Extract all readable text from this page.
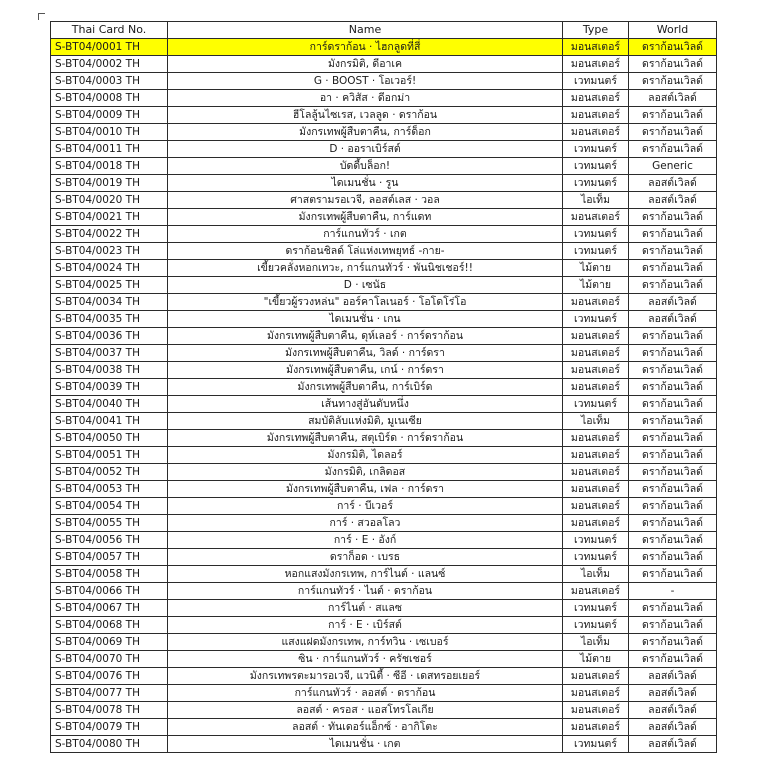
Thai Card No.	Name	Type	World
S-BT04/0001 TH	การ์ดราก้อน · ไฮกลูดที่สี่	มอนสเตอร์	ดราก้อนเวิลด์
S-BT04/0002 TH	มังกรมิติ, ดีอาเค	มอนสเตอร์	ดราก้อนเวิลด์
S-BT04/0003 TH	G · BOOST · โอเวอร์!	เวทมนตร์	ดราก้อนเวิลด์
S-BT04/0008 TH	อา · ควิสัส · ดีอกม่า	มอนสเตอร์	ลอสต์เวิลด์
S-BT04/0009 TH	ฮีโลลู้นไซเรส, เวลลูด · ดราก้อน	มอนสเตอร์	ดราก้อนเวิลด์
S-BT04/0010 TH	มังกรเทพผู้สืบตาคืน, การ์ด็อก	มอนสเตอร์	ดราก้อนเวิลด์
S-BT04/0011 TH	D · ออราเบิร์สต์	เวทมนตร์	ดราก้อนเวิลด์
S-BT04/0018 TH	บัดดี้บล็อก!	เวทมนตร์	Generic
S-BT04/0019 TH	ไดเมนชั่น · รูน	เวทมนตร์	ลอสต์เวิลด์
S-BT04/0020 TH	ศาสตรามรอเวจี, ลอสต์เลส · วอล	ไอเท็ม	ลอสต์เวิลด์
S-BT04/0021 TH	มังกรเทพผู้สืบตาคืน, การ์แดท	มอนสเตอร์	ดราก้อนเวิลด์
S-BT04/0022 TH	การ์แกนทัวร์ · เกต	เวทมนตร์	ดราก้อนเวิลด์
S-BT04/0023 TH	ดราก้อนชิลด์ โล่แห่งเทพยุทธ์ -กาย-	เวทมนตร์	ดราก้อนเวิลด์
S-BT04/0024 TH	เขี้ยวคลั่งหอกเทวะ, การ์แกนทัวร์ · พันนิชเชอร์!!	ไม้ตาย	ดราก้อนเวิลด์
S-BT04/0025 TH	D · เซนัธ	ไม้ตาย	ดราก้อนเวิลด์
S-BT04/0034 TH	"เขี้ยวผู้รวงหล่น" ออร์คาโลเนอร์ · โอโดโร่โอ	มอนสเตอร์	ลอสต์เวิลด์
S-BT04/0035 TH	ไดเมนชั่น · เกน	เวทมนตร์	ลอสต์เวิลด์
S-BT04/0036 TH	มังกรเทพผู้สืบตาคืน, ดุห์เลอร์ · การ์ดราก้อน	มอนสเตอร์	ดราก้อนเวิลด์
S-BT04/0037 TH	มังกรเทพผู้สืบตาคืน, วิลด์ · การ์ดรา	มอนสเตอร์	ดราก้อนเวิลด์
S-BT04/0038 TH	มังกรเทพผู้สืบตาคืน, เกน์ · การ์ดรา	มอนสเตอร์	ดราก้อนเวิลด์
S-BT04/0039 TH	มังกรเทพผู้สืบตาคืน, การ์เบิร์ด	มอนสเตอร์	ดราก้อนเวิลด์
S-BT04/0040 TH	เส้นทางสู่อันดับหนึ่ง	เวทมนตร์	ดราก้อนเวิลด์
S-BT04/0041 TH	สมบัติลับแห่งมิติ, มูเนเซีย	ไอเท็ม	ดราก้อนเวิลด์
S-BT04/0050 TH	มังกรเทพผู้สืบตาคืน, สตุเบิร์ด · การ์ดราก้อน	มอนสเตอร์	ดราก้อนเวิลด์
S-BT04/0051 TH	มังกรมิติ, ไดลอร์	มอนสเตอร์	ดราก้อนเวิลด์
S-BT04/0052 TH	มังกรมิติ, เกลิดอส	มอนสเตอร์	ดราก้อนเวิลด์
S-BT04/0053 TH	มังกรเทพผู้สืบตาคืน, เฟล · การ์ดรา	มอนสเตอร์	ดราก้อนเวิลด์
S-BT04/0054 TH	การ์ · บีเวอร์	มอนสเตอร์	ดราก้อนเวิลด์
S-BT04/0055 TH	การ์ · สวอลโลว	มอนสเตอร์	ดราก้อนเวิลด์
S-BT04/0056 TH	การ์ · E · อังก์	เวทมนตร์	ดราก้อนเวิลด์
S-BT04/0057 TH	ดราก็อด · เบรธ	เวทมนตร์	ดราก้อนเวิลด์
S-BT04/0058 TH	หอกแสงมังกรเทพ, การ์ไนต์ · แลนซ์	ไอเท็ม	ดราก้อนเวิลด์
S-BT04/0066 TH	การ์แกนทัวร์ · ไนต์ · ดราก้อน	มอนสเตอร์	-
S-BT04/0067 TH	การ์ไนต์ · สแลซ	เวทมนตร์	ดราก้อนเวิลด์
S-BT04/0068 TH	การ์ · E · เบิร์สต์	เวทมนตร์	ดราก้อนเวิลด์
S-BT04/0069 TH	แสงแฝดมังกรเทพ, การ์ทวิน · เซเบอร์	ไอเท็ม	ดราก้อนเวิลด์
S-BT04/0070 TH	ซิน · การ์แกนทัวร์ · ครัชเชอร์	ไม้ตาย	ดราก้อนเวิลด์
S-BT04/0076 TH	มังกรเทพรตะมารอเวจี, แวนิตี้ · ซีอี · เดสทรอยเยอร์	มอนสเตอร์	ลอสต์เวิลด์
S-BT04/0077 TH	การ์แกนทัวร์ · ลอสต์ · ดราก้อน	มอนสเตอร์	ลอสต์เวิลด์
S-BT04/0078 TH	ลอสต์ · ครอส · แอสโทรโลเกีย	มอนสเตอร์	ลอสต์เวิลด์
S-BT04/0079 TH	ลอสต์ · ทันเดอร์แอ็กซ์ · อากิโตะ	มอนสเตอร์	ลอสต์เวิลด์
S-BT04/0080 TH	ไดเมนชั่น · เกต	เวทมนตร์	ลอสต์เวิลด์
